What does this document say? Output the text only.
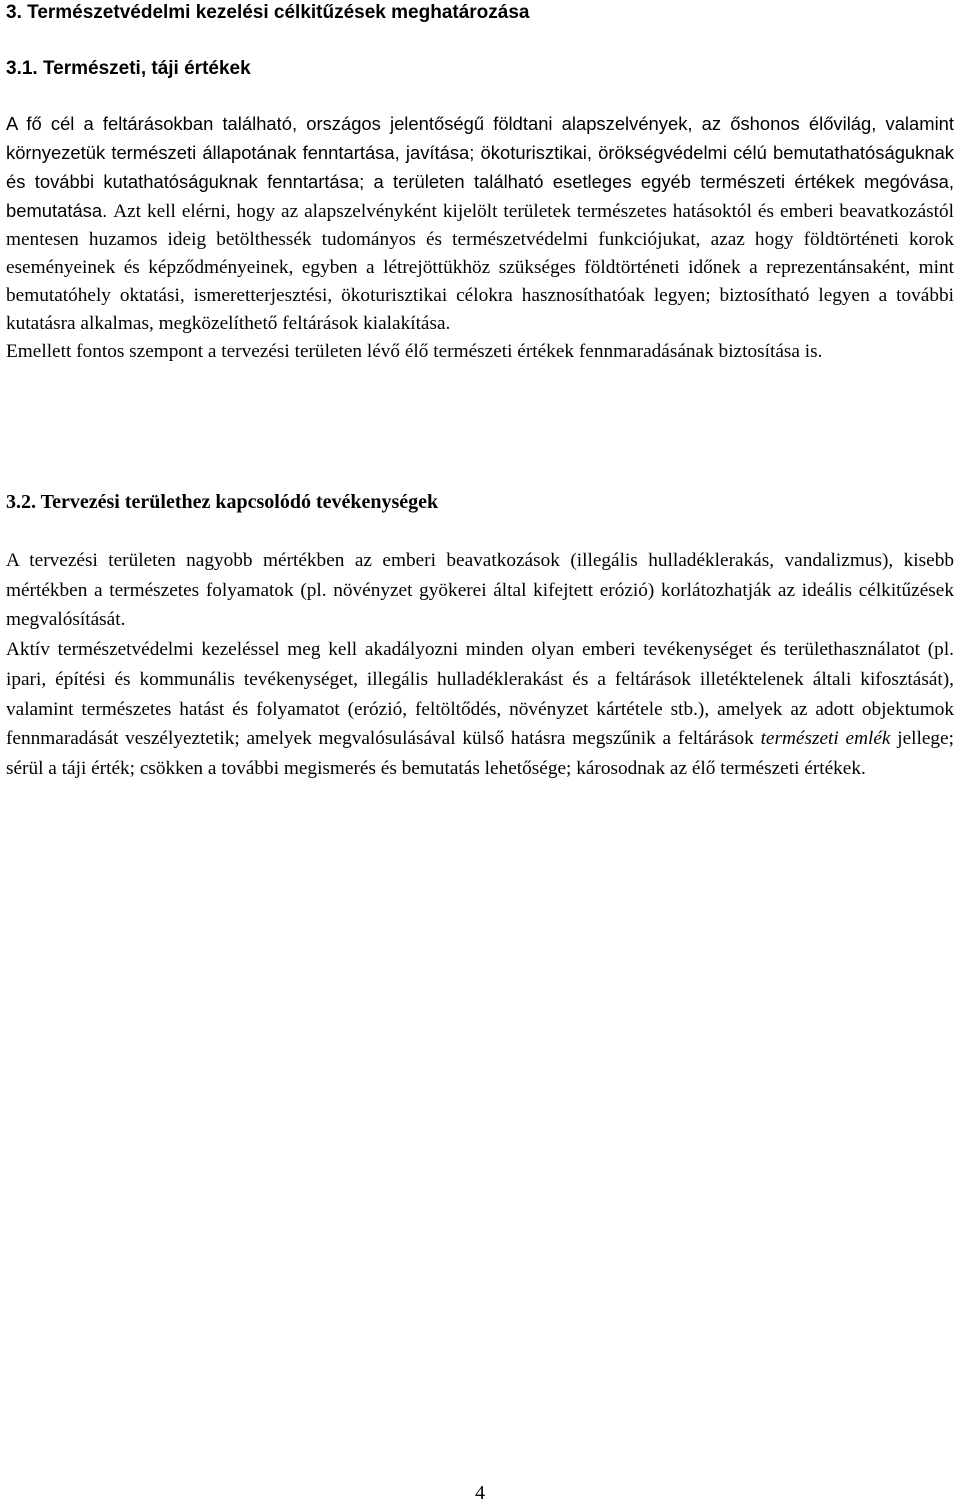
3. Természetvédelmi kezelési célkitűzések meghatározása
3.1. Természeti, táji értékek

A fő cél a feltárásokban található, országos jelentőségű földtani alapszelvények, az őshonos élővilág, valamint környezetük természeti állapotának fenntartása, javítása; ökoturisztikai, örökségvédelmi célú bemutathatóságuknak és további kutathatóságuknak fenntartása; a területen található esetleges egyéb természeti értékek megóvása, bemutatása. Azt kell elérni, hogy az alapszelvényként kijelölt területek természetes hatásoktól és emberi beavatkozástól mentesen huzamos ideig betölthessék tudományos és természetvédelmi funkciójukat, azaz hogy földtörténeti korok eseményeinek és képződményeinek, egyben a létrejöttükhöz szükséges földtörténeti időnek a reprezentánsaként, mint bemutatóhely oktatási, ismeretterjesztési, ökoturisztikai célokra hasznosíthatóak legyen; biztosítható legyen a további kutatásra alkalmas, megközelíthető feltárások kialakítása.

Emellett fontos szempont a tervezési területen lévő élő természeti értékek fennmaradásának biztosítása is.

3.2. Tervezési területhez kapcsolódó tevékenységek

A tervezési területen nagyobb mértékben az emberi beavatkozások (illegális hulladéklerakás, vandalizmus), kisebb mértékben a természetes folyamatok (pl. növényzet gyökerei által kifejtett erózió) korlátozhatják az ideális célkitűzések megvalósítását.

Aktív természetvédelmi kezeléssel meg kell akadályozni minden olyan emberi tevékenységet és területhasználatot (pl. ipari, építési és kommunális tevékenységet, illegális hulladéklerakást és a feltárások illetéktelenek általi kifosztását), valamint természetes hatást és folyamatot (erózió, feltöltődés, növényzet kártétele stb.), amelyek az adott objektumok fennmaradását veszélyeztetik; amelyek megvalósulásával külső hatásra megszűnik a feltárások természeti emlék jellege; sérül a táji érték; csökken a további megismerés és bemutatás lehetősége; károsodnak az élő természeti értékek.

4
